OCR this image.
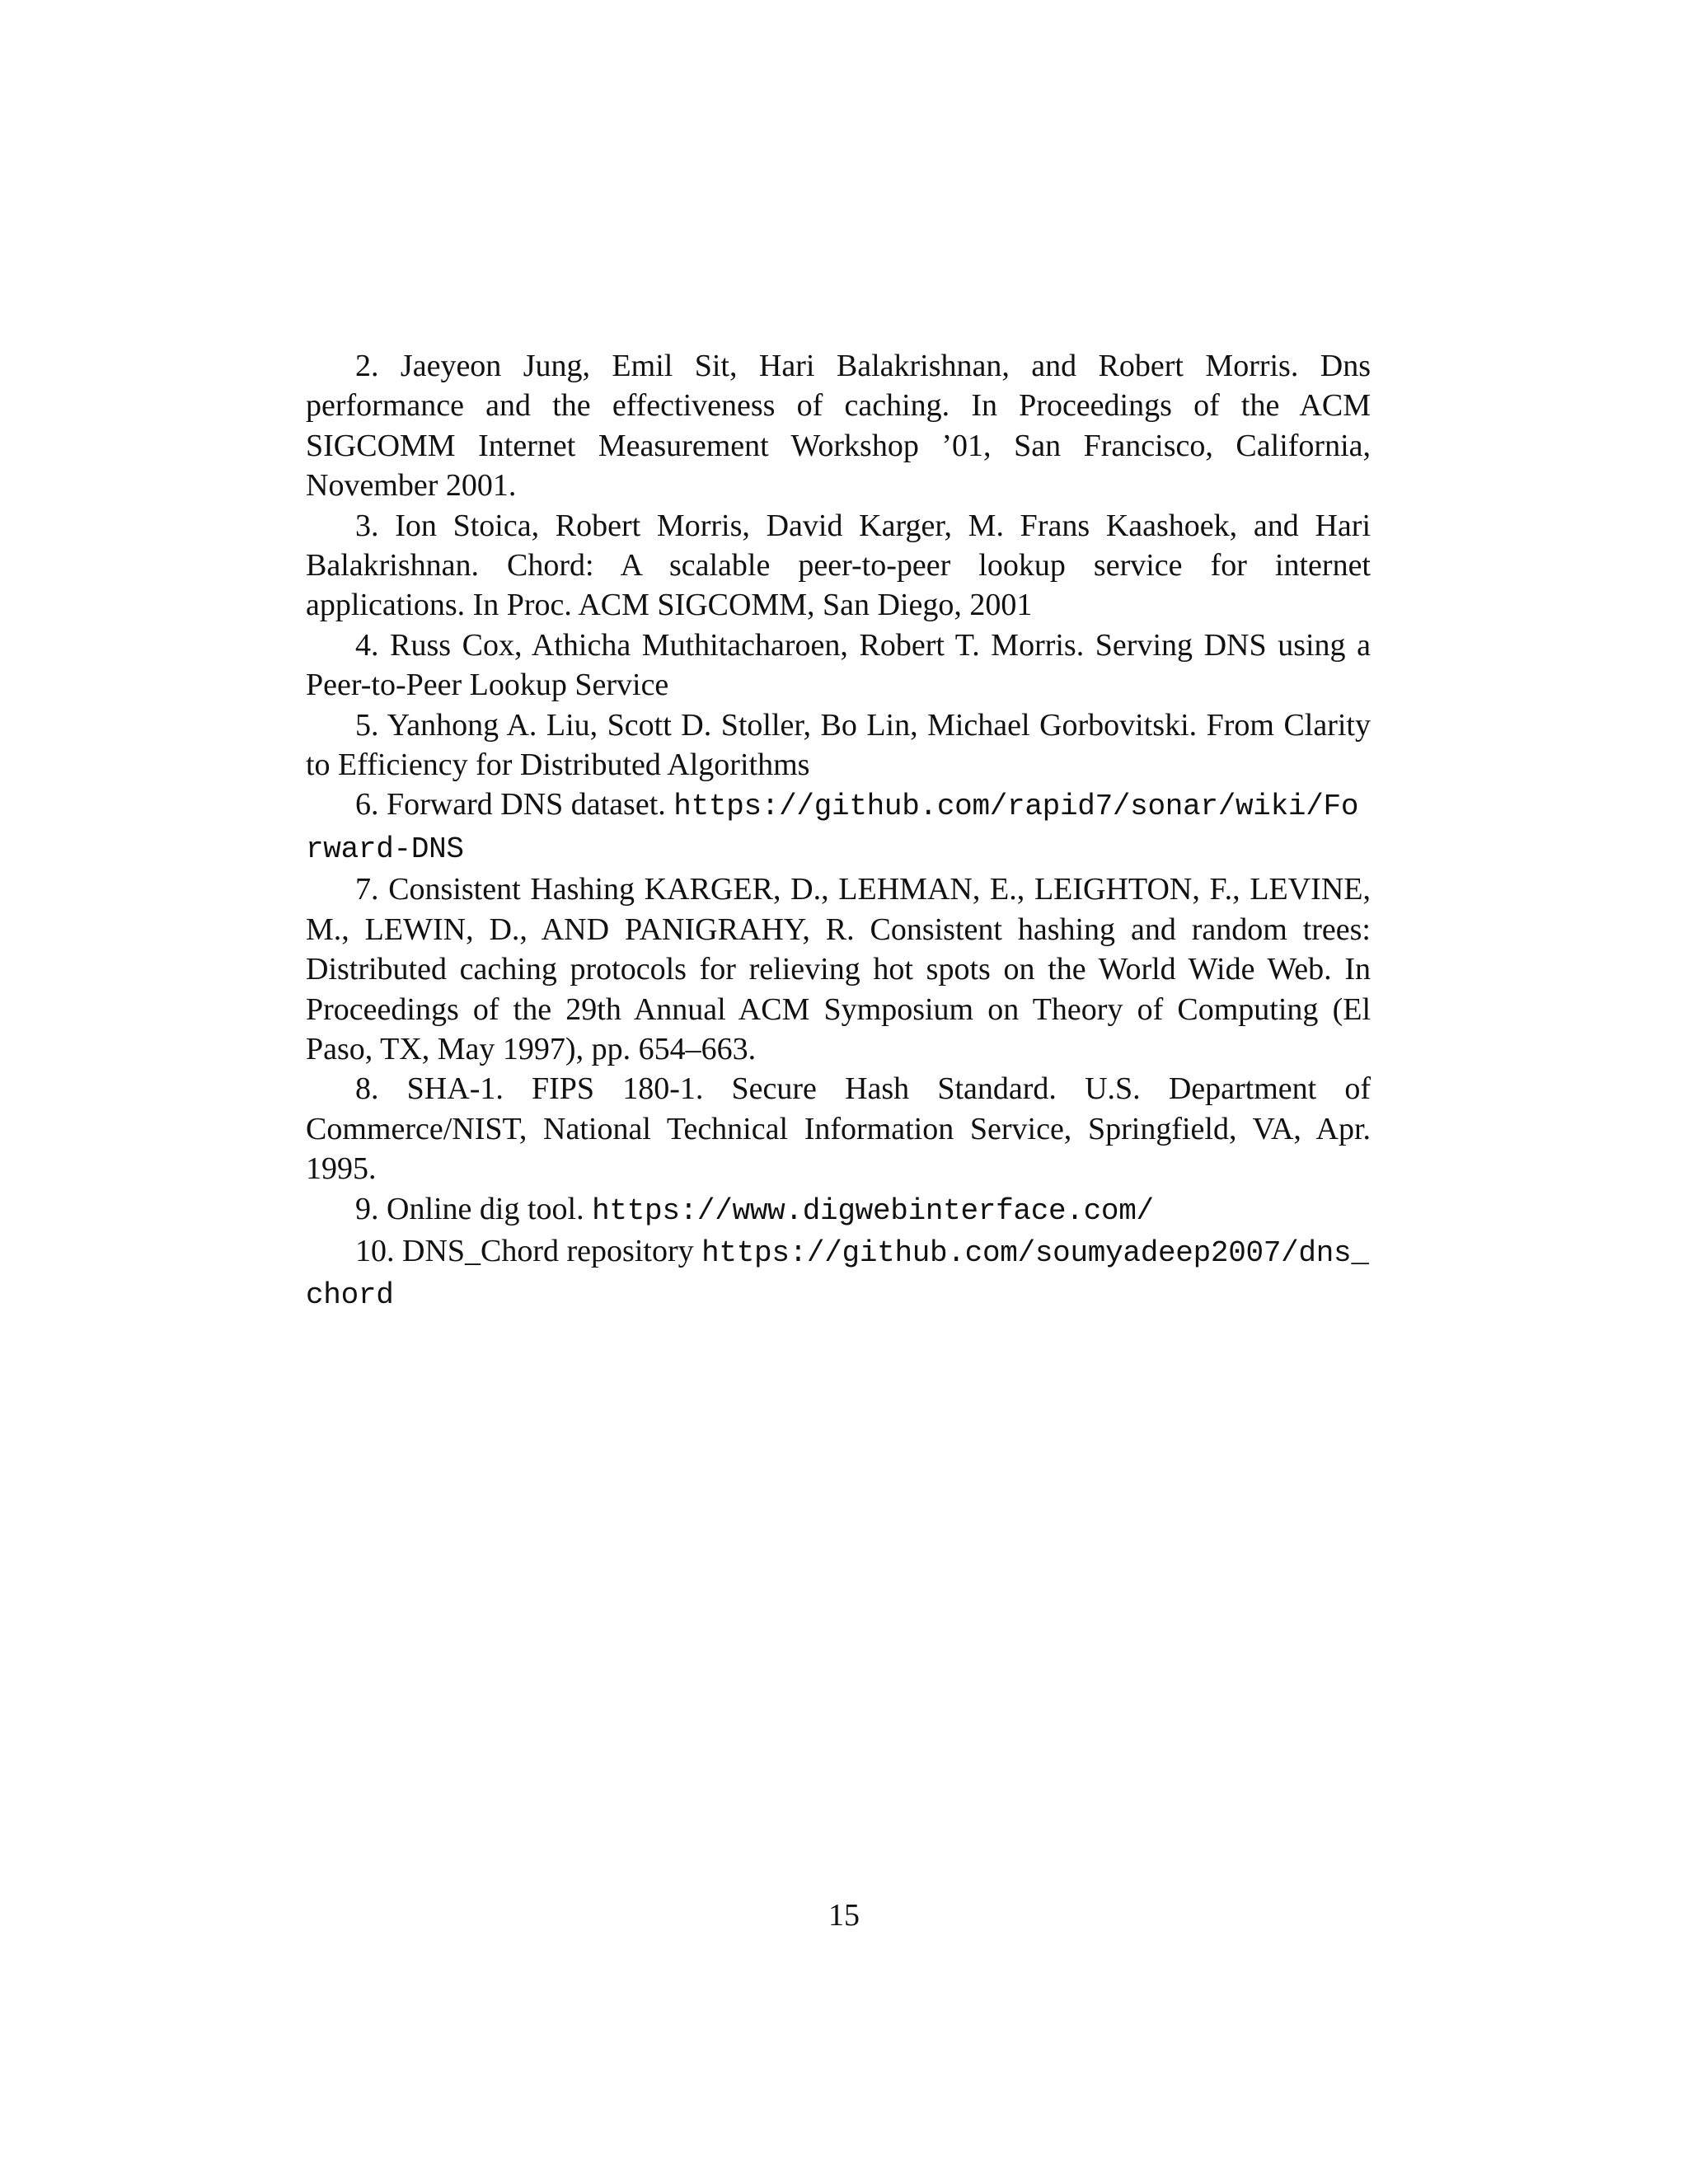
2. Jaeyeon Jung, Emil Sit, Hari Balakrishnan, and Robert Morris. Dns performance and the effectiveness of caching. In Proceedings of the ACM SIGCOMM Internet Measurement Workshop ’01, San Francisco, California, November 2001.

3. Ion Stoica, Robert Morris, David Karger, M. Frans Kaashoek, and Hari Balakrishnan. Chord: A scalable peer-to-peer lookup service for internet applications. In Proc. ACM SIGCOMM, San Diego, 2001

4. Russ Cox, Athicha Muthitacharoen, Robert T. Morris. Serving DNS using a Peer-to-Peer Lookup Service

5. Yanhong A. Liu, Scott D. Stoller, Bo Lin, Michael Gorbovitski. From Clarity to Efficiency for Distributed Algorithms

6. Forward DNS dataset. https://github.com/rapid7/sonar/wiki/Forward-DNS

7. Consistent Hashing KARGER, D., LEHMAN, E., LEIGHTON, F., LEVINE, M., LEWIN, D., AND PANIGRAHY, R. Consistent hashing and random trees: Distributed caching protocols for relieving hot spots on the World Wide Web. In Proceedings of the 29th Annual ACM Symposium on Theory of Computing (El Paso, TX, May 1997), pp. 654–663.

8. SHA-1. FIPS 180-1. Secure Hash Standard. U.S. Department of Commerce/NIST, National Technical Information Service, Springfield, VA, Apr. 1995.

9. Online dig tool. https://www.digwebinterface.com/

10. DNS_Chord repository https://github.com/soumyadeep2007/dns_chord

15
